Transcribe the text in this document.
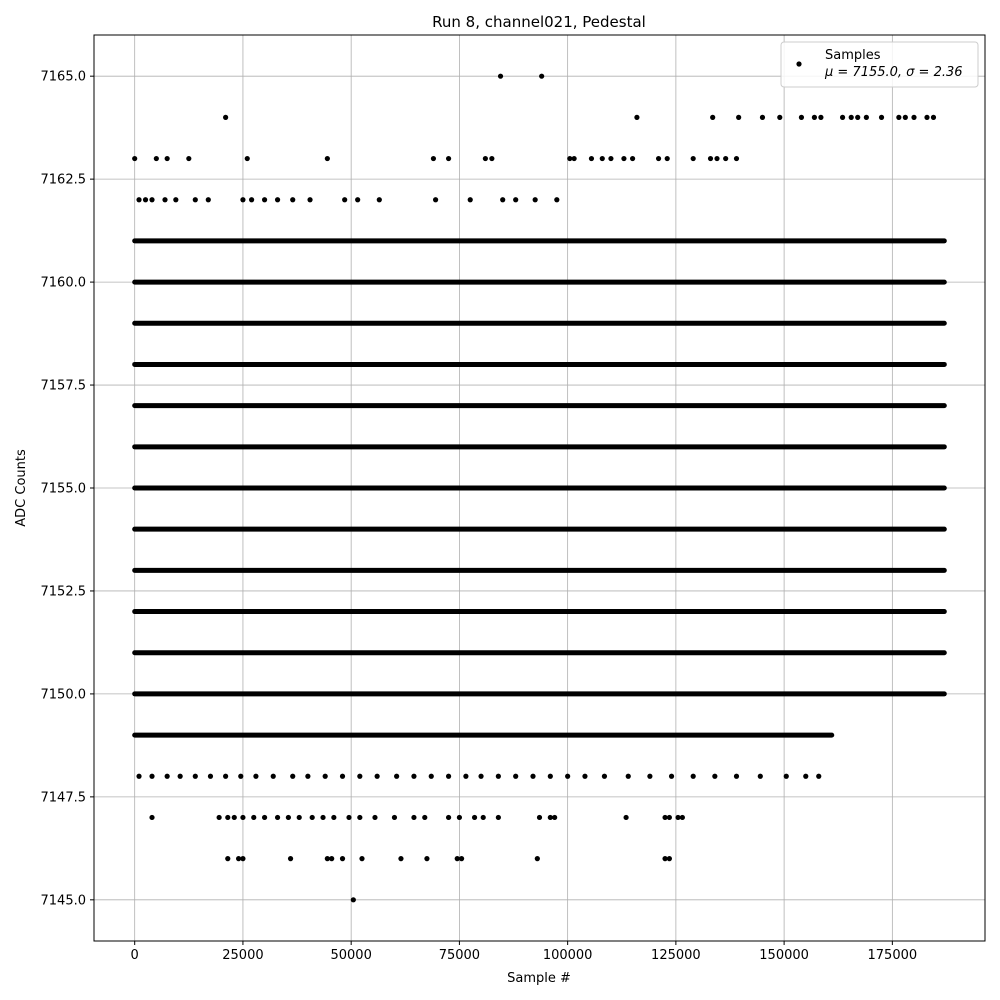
0	25000	50000	75000	100000	125000	150000	175000
7145.0
7147.5
7150.0
7152.5
7155.0
7157.5
7160.0
7162.5
7165.0
Run 8, channel021, Pedestal
Sample #
ADC Counts
Samples
μ = 7155.0, σ = 2.36
